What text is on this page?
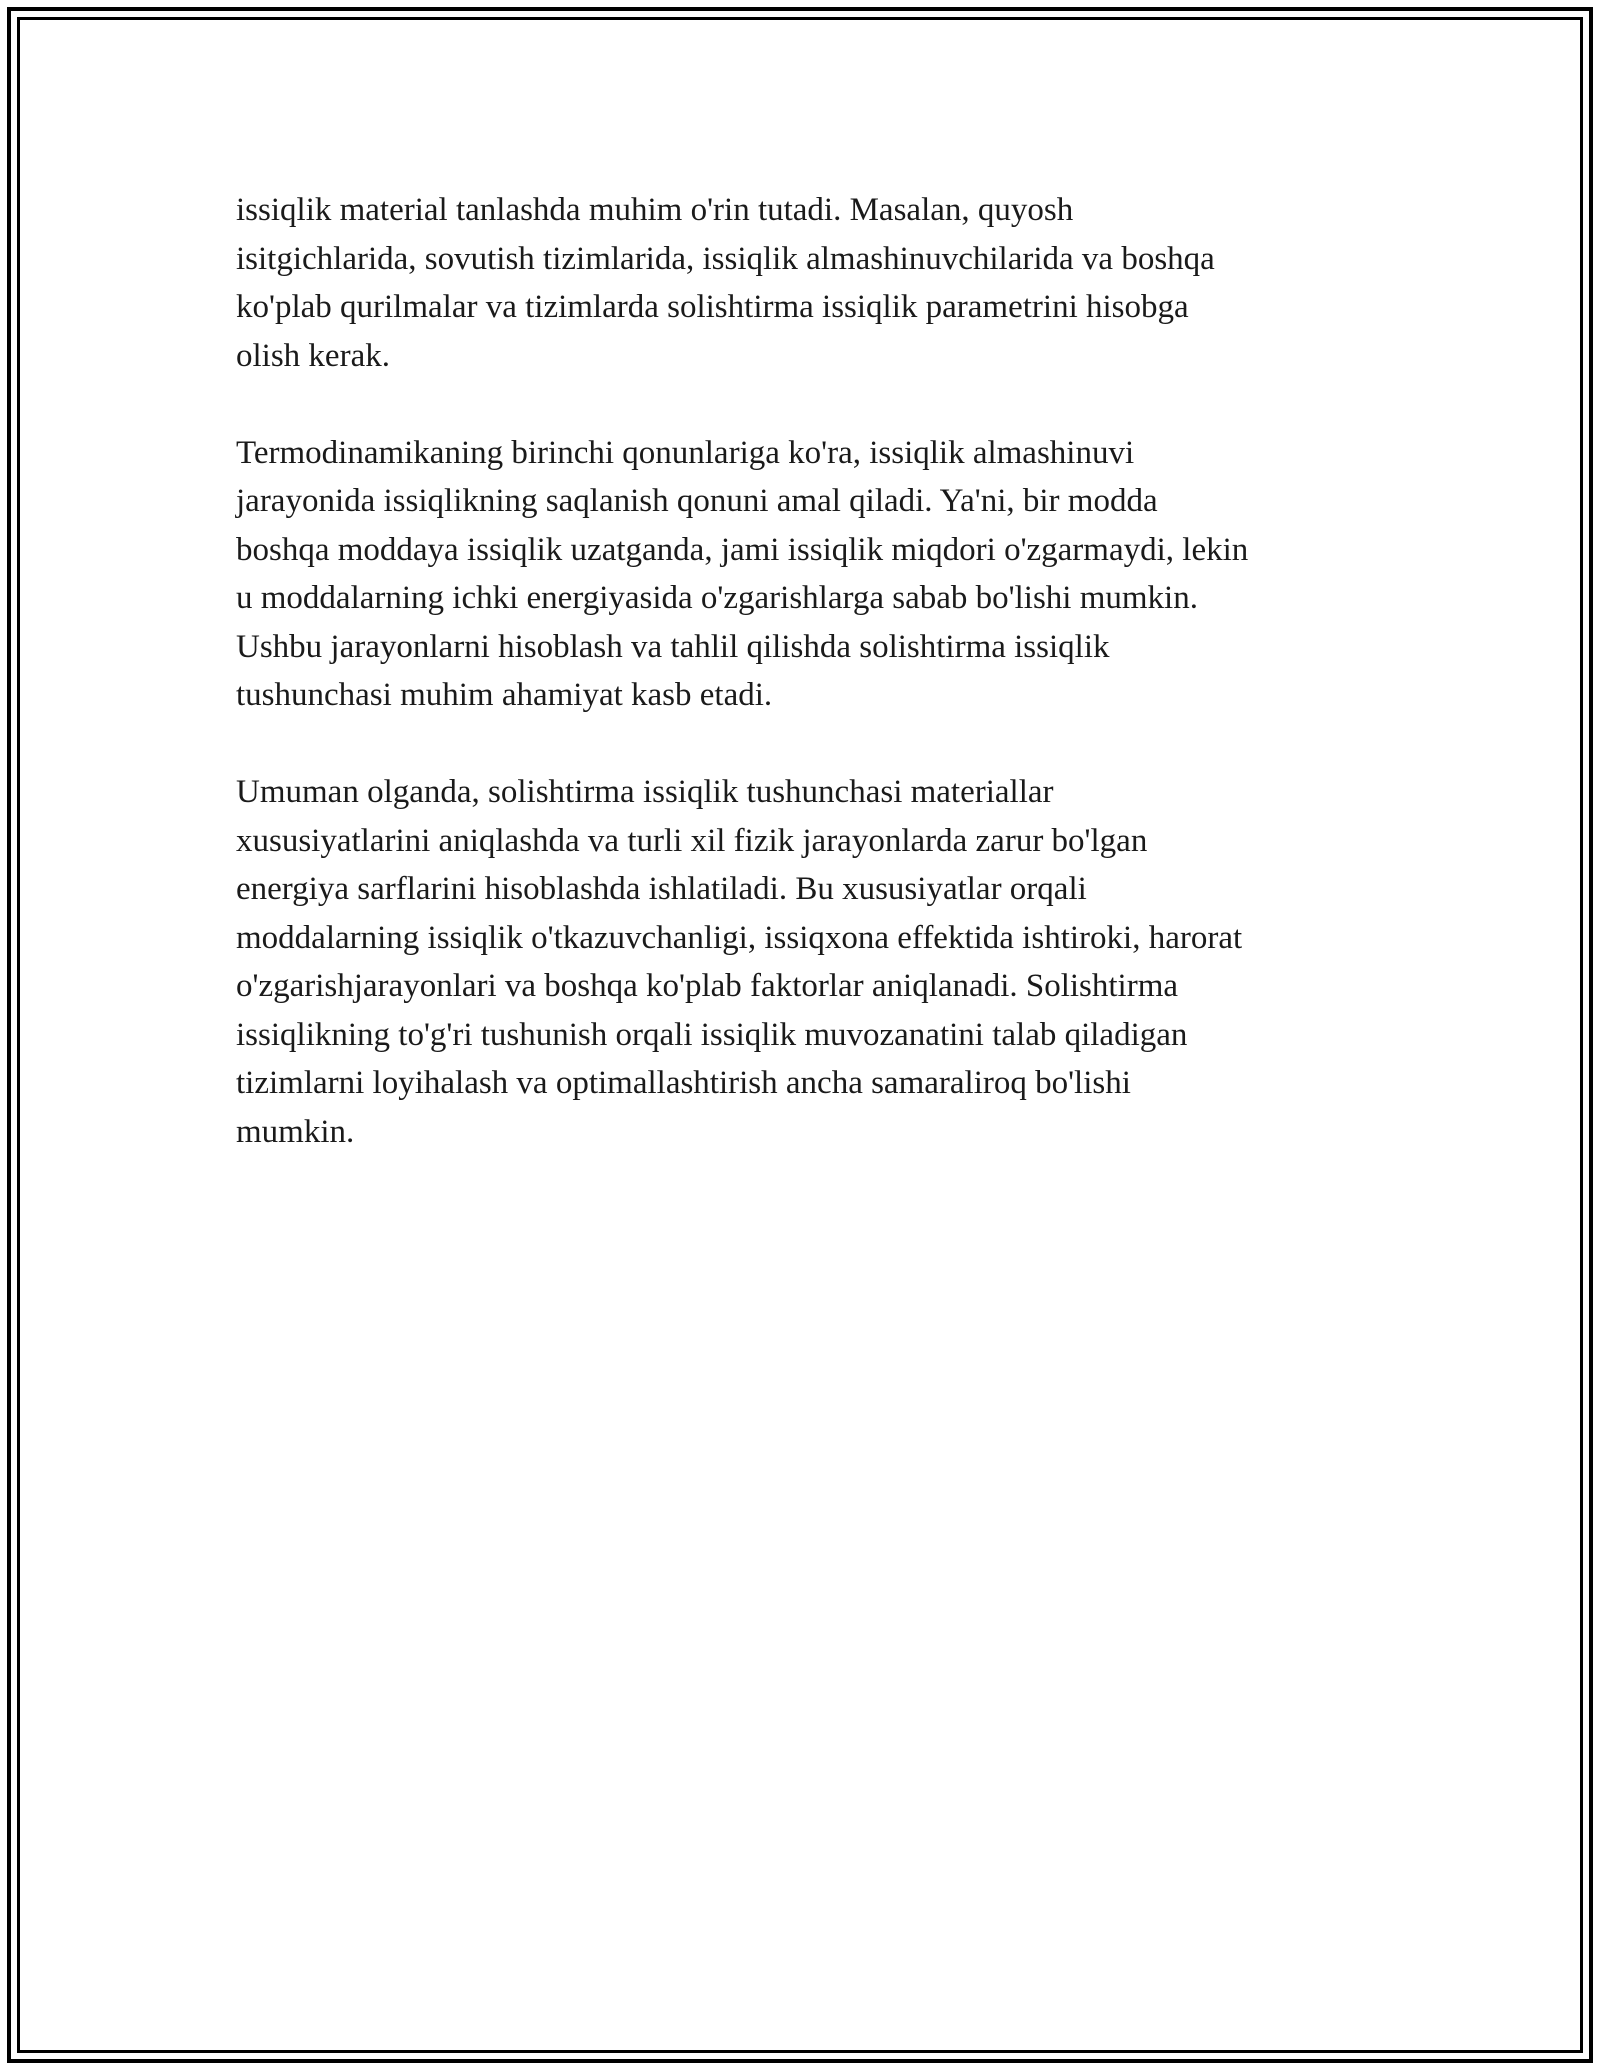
issiqlik material tanlashda muhim o'rin tutadi. Masalan, quyosh
isitgichlarida, sovutish tizimlarida, issiqlik almashinuvchilarida va boshqa
ko'plab qurilmalar va tizimlarda solishtirma issiqlik parametrini hisobga
olish kerak.

Termodinamikaning birinchi qonunlariga ko'ra, issiqlik almashinuvi
jarayonida issiqlikning saqlanish qonuni amal qiladi. Ya'ni, bir modda
boshqa moddaya issiqlik uzatganda, jami issiqlik miqdori o'zgarmaydi, lekin
u moddalarning ichki energiyasida o'zgarishlarga sabab bo'lishi mumkin.
Ushbu jarayonlarni hisoblash va tahlil qilishda solishtirma issiqlik
tushunchasi muhim ahamiyat kasb etadi.

Umuman olganda, solishtirma issiqlik tushunchasi materiallar
xususiyatlarini aniqlashda va turli xil fizik jarayonlarda zarur bo'lgan
energiya sarflarini hisoblashda ishlatiladi. Bu xususiyatlar orqali
moddalarning issiqlik o'tkazuvchanligi, issiqxona effektida ishtiroki, harorat
o'zgarishjarayonlari va boshqa ko'plab faktorlar aniqlanadi. Solishtirma
issiqlikning to'g'ri tushunish orqali issiqlik muvozanatini talab qiladigan
tizimlarni loyihalash va optimallashtirish ancha samaraliroq bo'lishi
mumkin.
